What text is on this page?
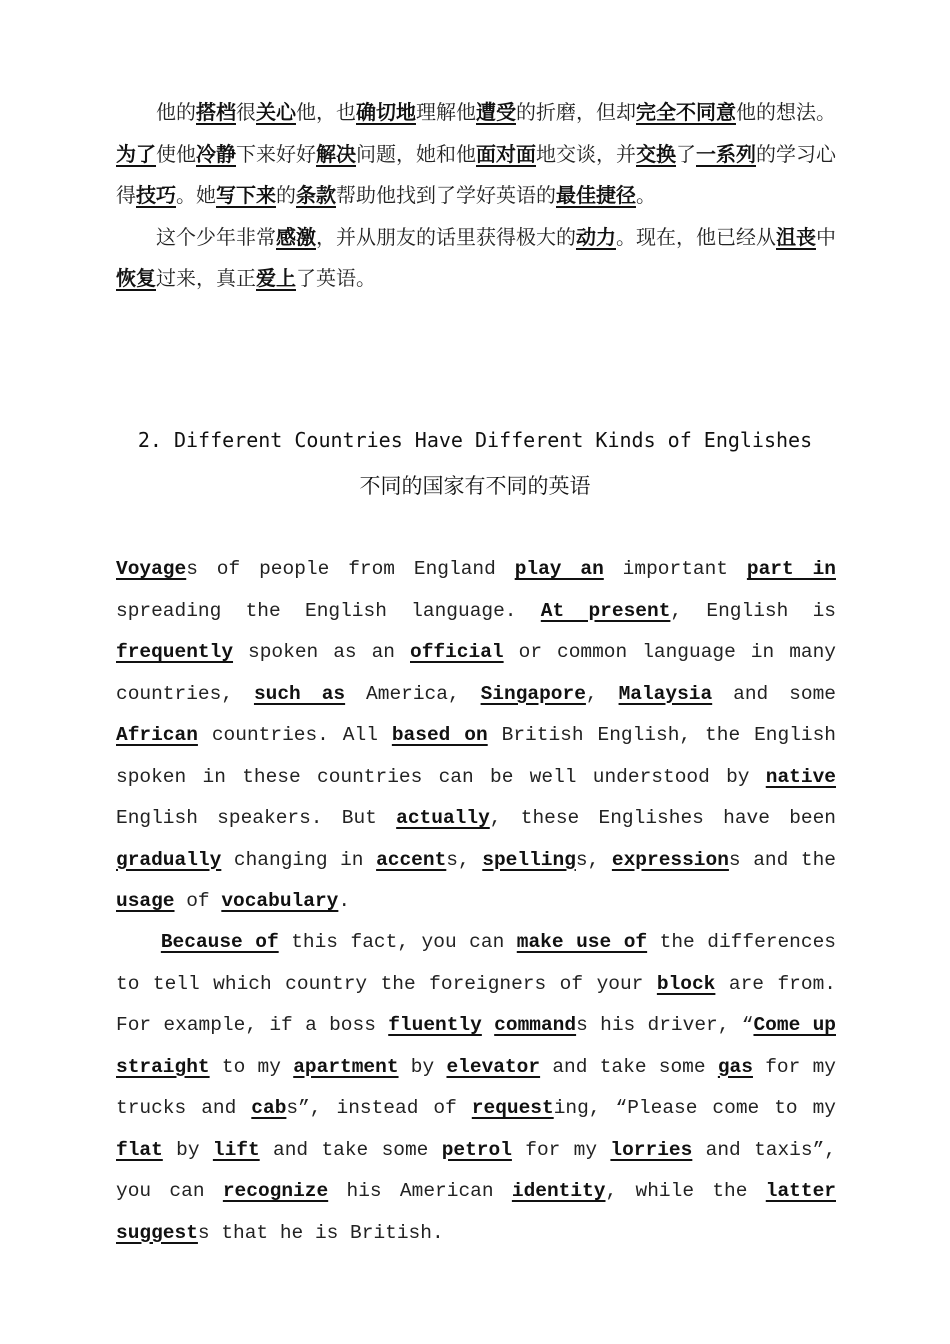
他的搭档很关心他，也确切地理解他遭受的折磨，但却完全不同意他的想法。为了使他冷静下来好好解决问题，她和他面对面地交谈，并交换了一系列的学习心得技巧。她写下来的条款帮助他找到了学好英语的最佳捷径。

这个少年非常感激，并从朋友的话里获得极大的动力。现在，他已经从沮丧中恢复过来，真正爱上了英语。

2. Different Countries Have Different Kinds of Englishes
不同的国家有不同的英语

Voyages of people from England play an important part in spreading the English language. At present, English is frequently spoken as an official or common language in many countries, such as America, Singapore, Malaysia and some African countries. All based on British English, the English spoken in these countries can be well understood by native English speakers. But actually, these Englishes have been gradually changing in accents, spellings, expressions and the usage of vocabulary.

Because of this fact, you can make use of the differences to tell which country the foreigners of your block are from. For example, if a boss fluently commands his driver, “Come up straight to my apartment by elevator and take some gas for my trucks and cabs”, instead of requesting, “Please come to my flat by lift and take some petrol for my lorries and taxis”, you can recognize his American identity, while the latter suggests that he is British.
